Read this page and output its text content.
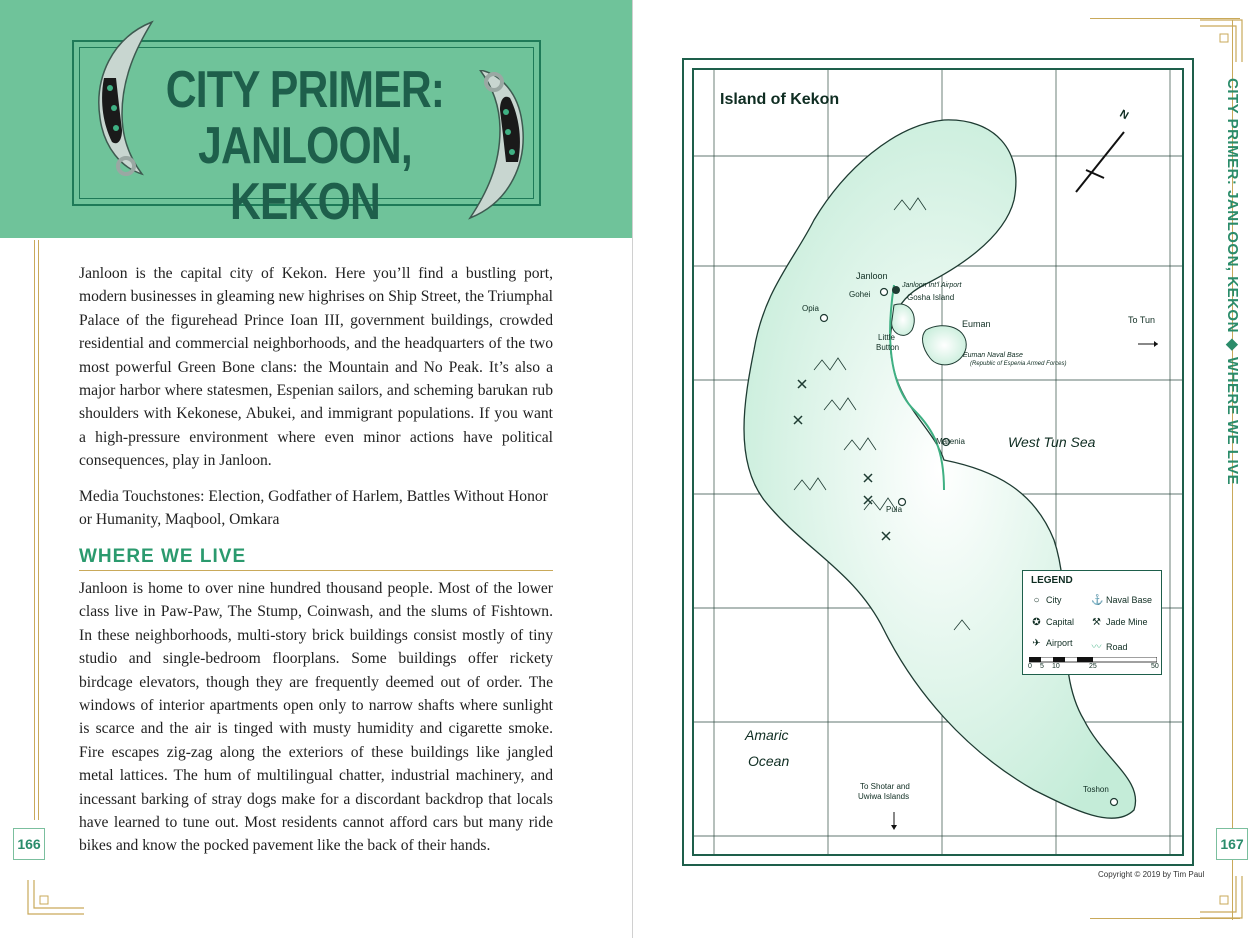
CITY PRIMER:
JANLOON, KEKON

Janloon is the capital city of Kekon. Here you’ll find a bustling port, modern businesses in gleaming new highrises on Ship Street, the Triumphal Palace of the figurehead Prince Ioan III, government buildings, crowded residential and commercial neighborhoods, and the headquarters of the two most powerful Green Bone clans: the Mountain and No Peak. It’s also a major harbor where statesmen, Espenian sailors, and scheming barukan rub shoulders with Kekonese, Abukei, and immigrant populations. If you want a high-pressure environment where even minor actions have political consequences, play in Janloon.

Media Touchstones: Election, Godfather of Harlem, Battles Without Honor or Humanity, Maqbool, Omkara

WHERE WE LIVE

Janloon is home to over nine hundred thousand people. Most of the lower class live in Paw-Paw, The Stump, Coinwash, and the slums of Fishtown. In these neighborhoods, multi-story brick buildings consist mostly of tiny studio and single-bedroom floorplans. Some buildings offer rickety birdcage elevators, though they are frequently deemed out of order. The windows of interior apartments open only to narrow shafts where sunlight is scarce and the air is tinged with musty humidity and cigarette smoke. Fire escapes zig-zag along the exteriors of these buildings like jangled metal lattices. The hum of multilingual chatter, industrial machinery, and incessant barking of stray dogs make for a discordant backdrop that locals have learned to tune out. Most residents cannot afford cars but many ride bikes and know the pocked pavement like the back of their hands.

166
CITY PRIMER: JANLOON, KEKON◆WHERE WE LIVE
Island of Kekon
N
Janloon
Janloon Int'l Airport
Gohei	Gosha Island
Opia
Euman
Little
Button
Euman Naval Base
(Republic of Espenia Armed Forces)
To Tun
Marenia	West Tun Sea
Pula
Amaric
Ocean
To Shotar and
Uwiwa Islands
Toshon
LEGEND
○ City	⚓ Naval Base
✪ Capital ⚒ Jade Mine
✈ Airport 〰 Road
0 5 10	25	50
Copyright © 2019 by Tim Paul
167
